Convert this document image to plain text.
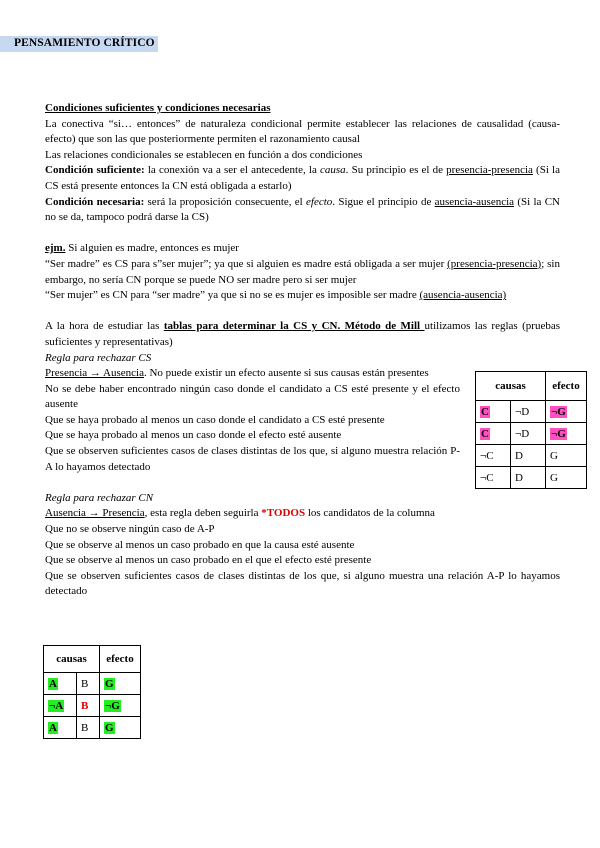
PENSAMIENTO CRÍTICO

Condiciones suficientes y condiciones necesarias

La conectiva “si… entonces” de naturaleza condicional permite establecer las relaciones de causalidad (causa-efecto) que son las que posteriormente permiten el razonamiento causal

Las relaciones condicionales se establecen en función a dos condiciones

Condición suficiente: la conexión va a ser el antecedente, la causa. Su principio es el de presencia-presencia (Si la CS está presente entonces la CN está obligada a estarlo)

Condición necesaria: será la proposición consecuente, el efecto. Sigue el principio de ausencia-ausencia (Si la CN no se da, tampoco podrá darse la CS)

ejm. Si alguien es madre, entonces es mujer

“Ser madre” es CS para s”ser mujer”; ya que si alguien es madre está obligada a ser mujer (presencia-presencia); sin embargo, no sería CN porque se puede NO ser madre pero si ser mujer

“Ser mujer” es CN para “ser madre” ya que si no se es mujer es imposible ser madre (ausencia-ausencia)

A la hora de estudiar las tablas para determinar la CS y CN. Método de Mill utilizamos las reglas (pruebas suficientes y representativas)

Regla para rechazar CS

Presencia → Ausencia. No puede existir un efecto ausente si sus causas están presentes

No se debe haber encontrado ningún caso donde el candidato a CS esté presente y el efecto ausente

Que se haya probado al menos un caso donde el candidato a CS esté presente

Que se haya probado al menos un caso donde el efecto esté ausente

Que se observen suficientes casos de clases distintas de los que, si alguno muestra relación P-A lo hayamos detectado

Regla para rechazar CN

Ausencia → Presencia, esta regla deben seguirla *TODOS los candidatos de la columna

Que no se observe ningún caso de A-P

Que se observe al menos un caso probado en que la causa esté ausente

Que se observe al menos un caso probado en el que el efecto esté presente

Que se observen suficientes casos de clases distintas de los que, si alguno muestra una relación A-P lo hayamos detectado

causas		efecto
C	¬D	¬G
C	¬D	¬G
¬C	D	G
¬C	D	G
causas		efecto
A	B	G
¬A	B	¬G
A	B	G
